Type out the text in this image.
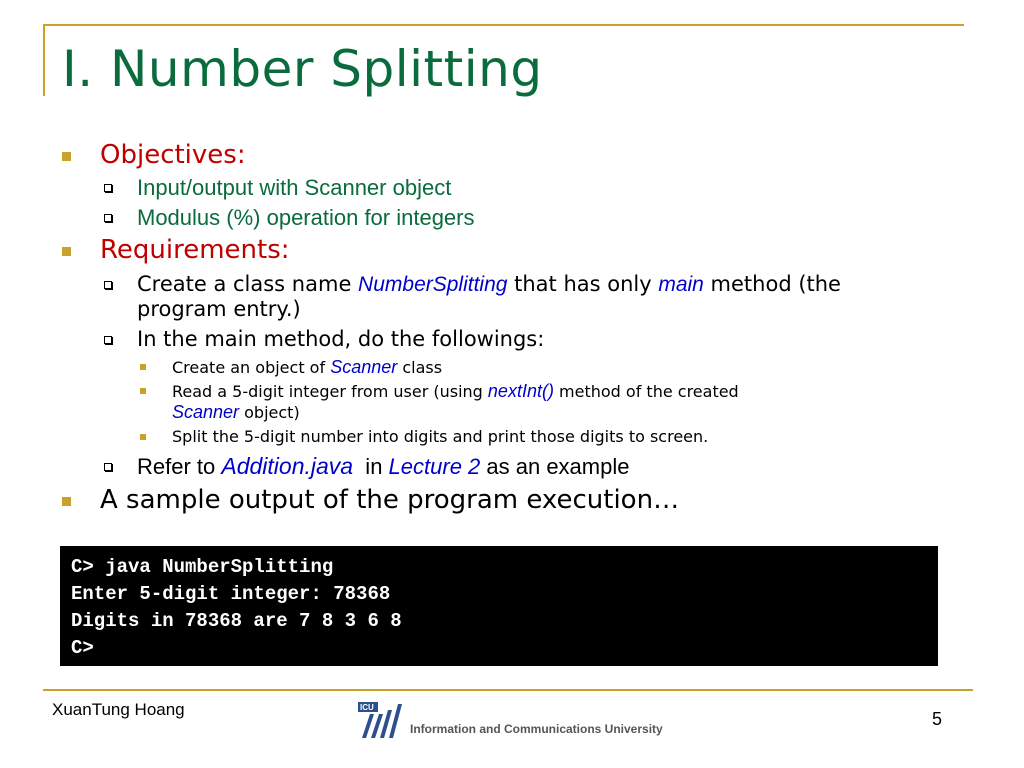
I. Number Splitting
Objectives:
Input/output with Scanner object
Modulus (%) operation for integers
Requirements:
Create a class name NumberSplitting that has only main method (the
program entry.)
In the main method, do the followings:
Create an object of Scanner class
Read a 5-digit integer from user (using nextInt() method of the created
Scanner object)
Split the 5-digit number into digits and print those digits to screen.
Refer to Addition.java  in Lecture 2 as an example
A sample output of the program execution…
C> java NumberSplitting
Enter 5-digit integer: 78368
Digits in 78368 are 7 8 3 6 8
C>
XuanTung Hoang	ICU
Information and Communications University	5
